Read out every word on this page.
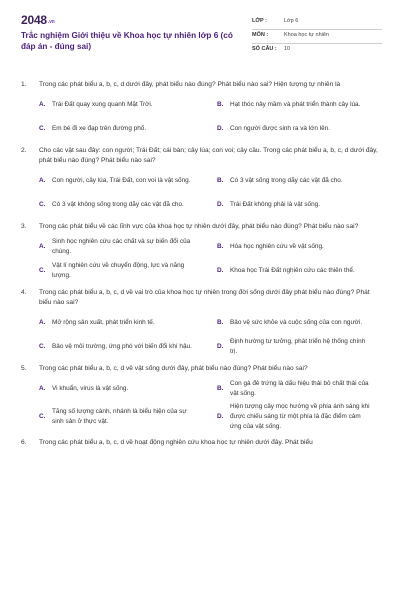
2048.vn
Trắc nghiệm Giới thiệu về Khoa học tự nhiên lớp 6 (có đáp án - đúng sai)
LỚP :	Lớp 6
MÔN :	Khoa học tự nhiên
SỐ CÂU : 10
1. Trong các phát biểu a, b, c, d dưới đây, phát biểu nào đúng? Phát biểu nào sai? Hiện tượng tự nhiên là
A. Trái Đất quay xung quanh Mặt Trời.	B. Hạt thóc nảy mầm và phát triển thành cây lúa.
C. Em bé đi xe đạp trên đường phố.	D. Con người được sinh ra và lớn lên.
2. Cho các vật sau đây: con người; Trái Đất; cái bàn; cây lúa; con voi; cây cầu. Trong các phát biểu a, b, c, d dưới đây, phát biểu nào đúng? Phát biểu nào sai?
A. Con người, cây lúa, Trái Đất, con voi là vật sống.	B. Có 3 vật sống trong dãy các vật đã cho.
C. Có 3 vật không sống trong dãy các vật đã cho.	D. Trái Đất không phải là vật sống.
3. Trong các phát biểu về các lĩnh vực của khoa học tự nhiên dưới đây, phát biểu nào đúng? Phát biểu nào sai?
A.
Sinh học nghiên cứu các chất và sự biến đổi của chúng.
B. Hóa học nghiên cứu về vật sống.
C.
Vật lí nghiên cứu về chuyển động, lực và năng lượng.
D. Khoa học Trái Đất nghiên cứu các thiên thể.
4. Trong các phát biểu a, b, c, d về vai trò của khoa học tự nhiên trong đời sống dưới đây phát biểu nào đúng? Phát biểu nào sai?
A. Mở rộng sản xuất, phát triển kinh tế.	B. Bảo vệ sức khỏe và cuộc sống của con người.
C. Bảo vệ môi trường, ứng phó với biến đổi khí hậu.	D.
Định hướng tư tưởng, phát triển hệ thống chính trị.
5. Trong các phát biểu a, b, c, d về vật sống dưới đây, phát biểu nào đúng? Phát biểu nào sai?
A. Vi khuẩn, virus là vật sống.	B.
Con gà đẻ trứng là dấu hiệu thải bỏ chất thải của vật sống.
C.
Tăng số lượng cành, nhánh là biểu hiện của sự sinh sản ở thực vật.
D.
Hiện tượng cây mọc hướng về phía ánh sáng khi được chiếu sáng từ một phía là đặc điểm cảm ứng của vật sống.
6. Trong các phát biểu a, b, c, d về hoạt động nghiên cứu khoa học tự nhiên dưới đây. Phát biểu
